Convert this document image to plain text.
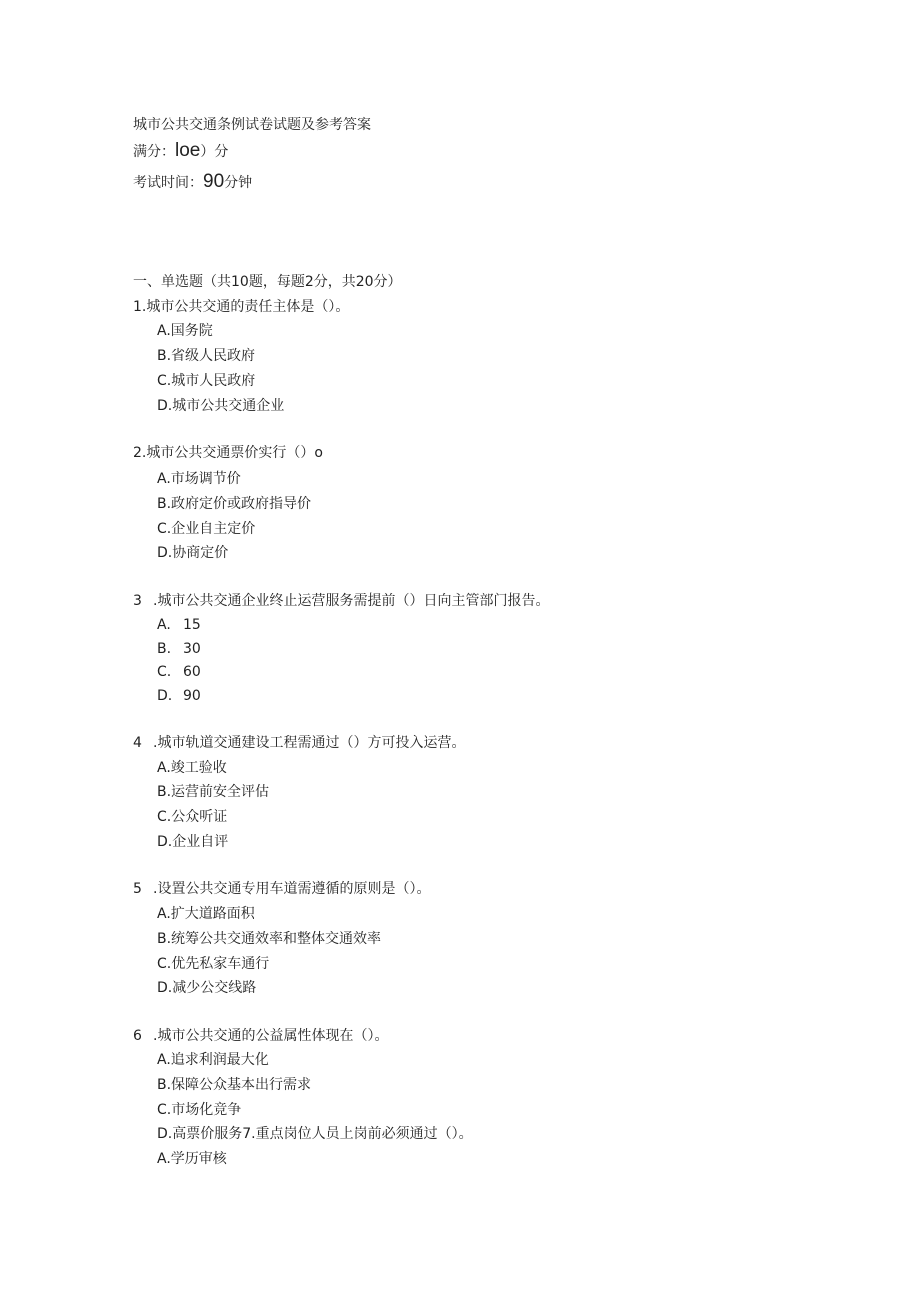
城市公共交通条例试卷试题及参考答案
满分：loe）分
考试时间：90分钟
一、单选题（共10题，每题2分，共20分）
1.城市公共交通的责任主体是（）。
A.国务院
B.省级人民政府
C.城市人民政府
D.城市公共交通企业
2.城市公共交通票价实行（）o
A.市场调节价
B.政府定价或政府指导价
C.企业自主定价
D.协商定价
3 .城市公共交通企业终止运营服务需提前（）日向主管部门报告。
A. 15
B. 30
C. 60
D. 90
4 .城市轨道交通建设工程需通过（）方可投入运营。
A.竣工验收
B.运营前安全评估
C.公众听证
D.企业自评
5 .设置公共交通专用车道需遵循的原则是（）。
A.扩大道路面积
B.统筹公共交通效率和整体交通效率
C.优先私家车通行
D.减少公交线路
6 .城市公共交通的公益属性体现在（）。
A.追求利润最大化
B.保障公众基本出行需求
C.市场化竞争
D.高票价服务7.重点岗位人员上岗前必须通过（）。
A.学历审核
